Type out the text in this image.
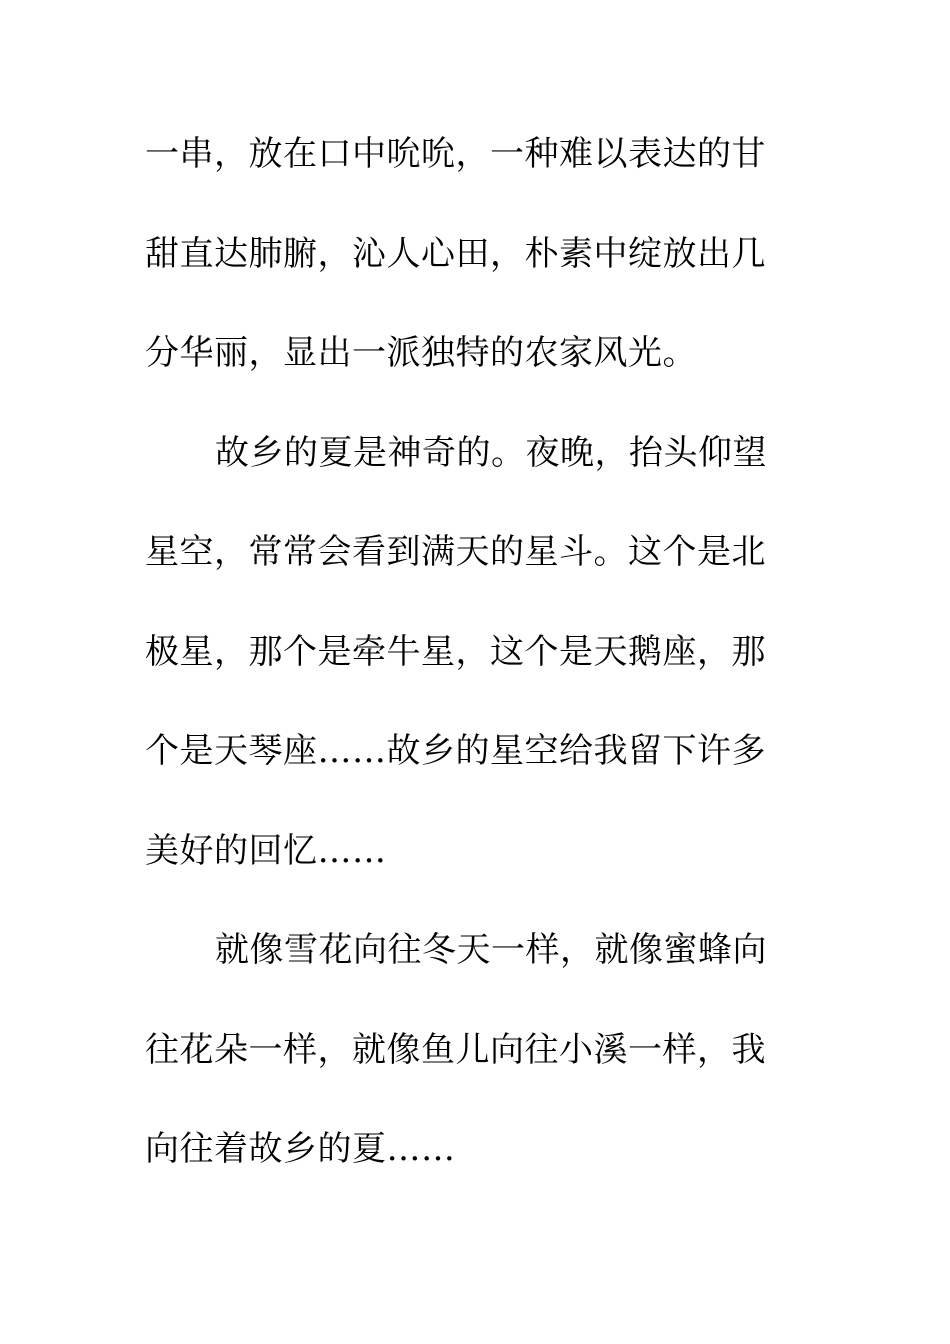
一串，放在口中吮吮，一种难以表达的甘
甜直达肺腑，沁人心田，朴素中绽放出几
分华丽，显出一派独特的农家风光。
故乡的夏是神奇的。夜晚，抬头仰望
星空，常常会看到满天的星斗。这个是北
极星，那个是牵牛星，这个是天鹅座，那
个是天琴座……故乡的星空给我留下许多
美好的回忆……
就像雪花向往冬天一样，就像蜜蜂向
往花朵一样，就像鱼儿向往小溪一样，我
向往着故乡的夏……
